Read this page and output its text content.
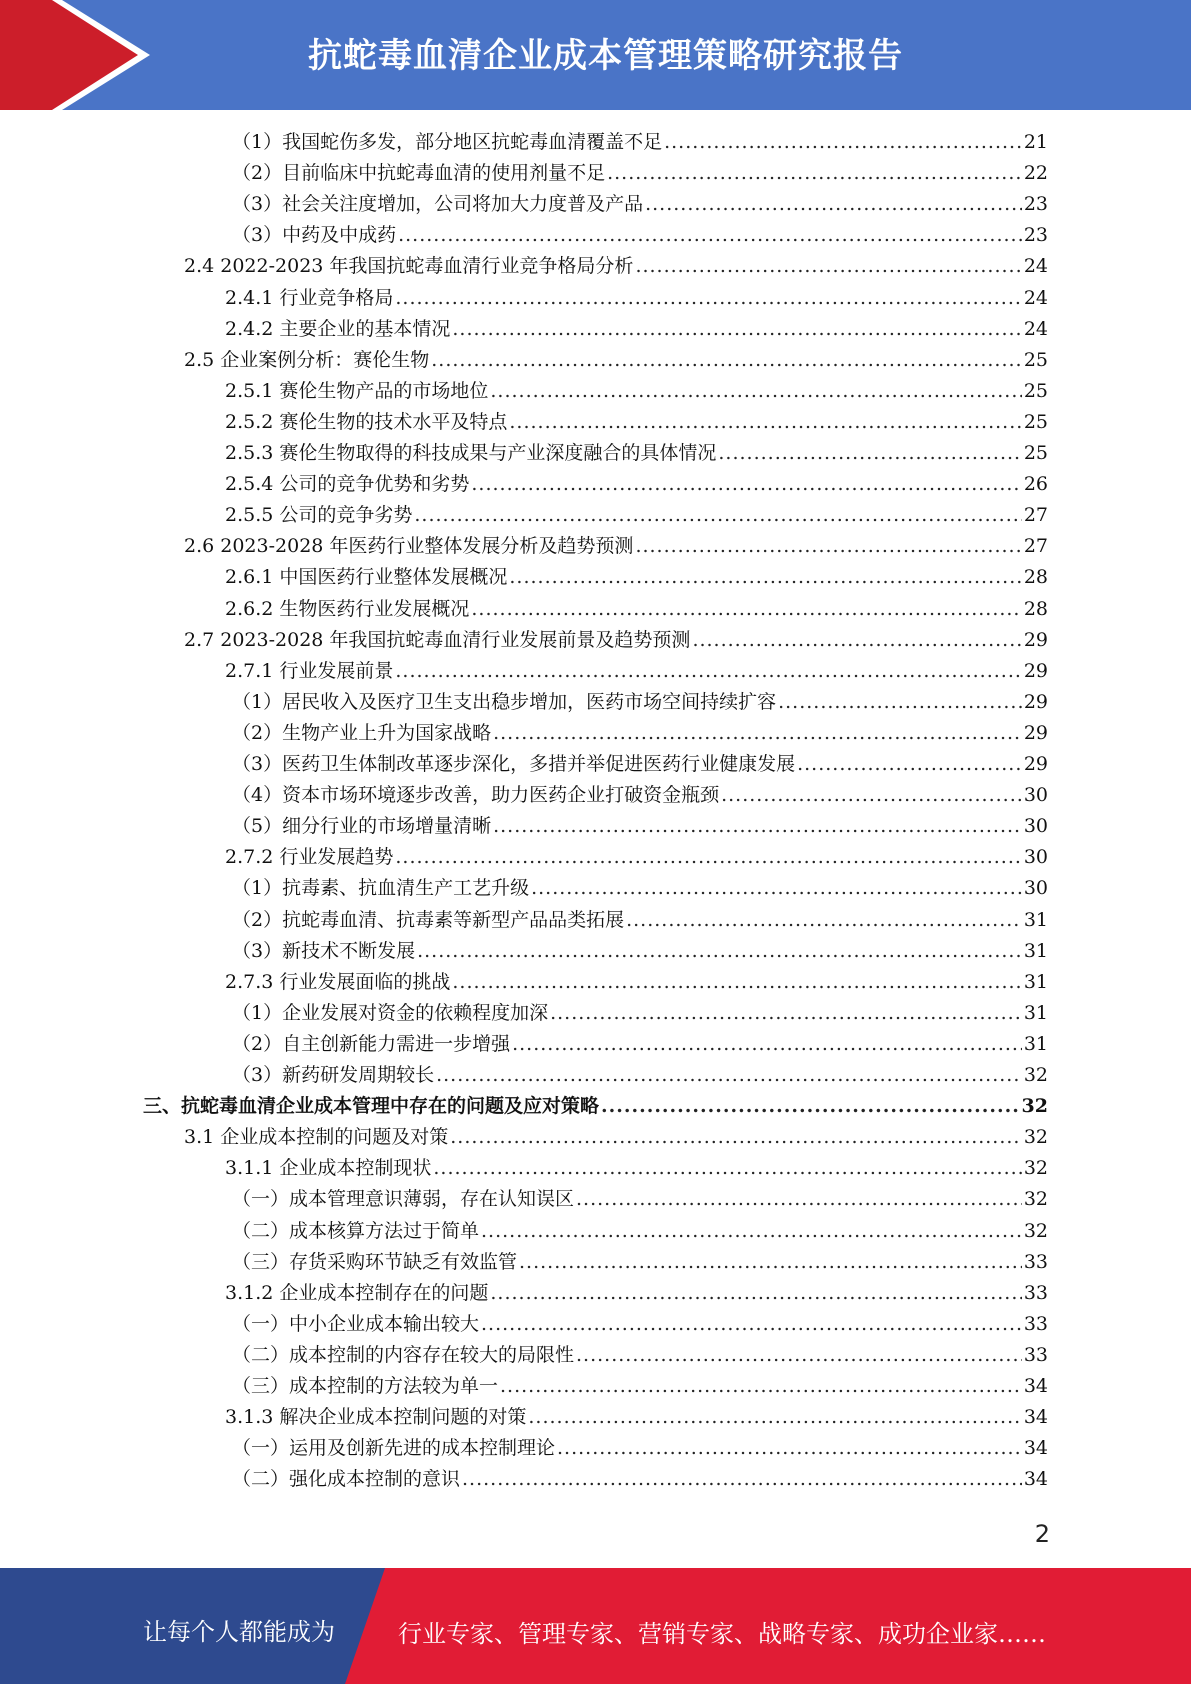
抗蛇毒血清企业成本管理策略研究报告
（1）我国蛇伤多发，部分地区抗蛇毒血清覆盖不足 .....	21
（2）目前临床中抗蛇毒血清的使用剂量不足 .....	22
（3）社会关注度增加，公司将加大力度普及产品 .....	23
（3）中药及中成药 .....	23
2.4 2022-2023 年我国抗蛇毒血清行业竞争格局分析 .....	24
2.4.1 行业竞争格局 .....	24
2.4.2 主要企业的基本情况 .....	24
2.5 企业案例分析：赛伦生物 .....	25
2.5.1 赛伦生物产品的市场地位 .....	25
2.5.2 赛伦生物的技术水平及特点 .....	25
2.5.3 赛伦生物取得的科技成果与产业深度融合的具体情况 .....	25
2.5.4 公司的竞争优势和劣势 .....	26
2.5.5 公司的竞争劣势 .....	27
2.6 2023-2028 年医药行业整体发展分析及趋势预测 .....	27
2.6.1 中国医药行业整体发展概况 .....	28
2.6.2 生物医药行业发展概况 .....	28
2.7 2023-2028 年我国抗蛇毒血清行业发展前景及趋势预测 .....	29
2.7.1 行业发展前景 .....	29
（1）居民收入及医疗卫生支出稳步增加，医药市场空间持续扩容 .....	29
（2）生物产业上升为国家战略 .....	29
（3）医药卫生体制改革逐步深化，多措并举促进医药行业健康发展 .....	29
（4）资本市场环境逐步改善，助力医药企业打破资金瓶颈 .....	30
（5）细分行业的市场增量清晰 .....	30
2.7.2 行业发展趋势 .....	30
（1）抗毒素、抗血清生产工艺升级 .....	30
（2）抗蛇毒血清、抗毒素等新型产品品类拓展 .....	31
（3）新技术不断发展 .....	31
2.7.3 行业发展面临的挑战 .....	31
（1）企业发展对资金的依赖程度加深 .....	31
（2）自主创新能力需进一步增强 .....	31
（3）新药研发周期较长 .....	32
三、抗蛇毒血清企业成本管理中存在的问题及应对策略 .....	32
3.1 企业成本控制的问题及对策 .....	32
3.1.1 企业成本控制现状 .....	32
（一）成本管理意识薄弱，存在认知误区 .....	32
（二）成本核算方法过于简单 .....	32
（三）存货采购环节缺乏有效监管 .....	33
3.1.2 企业成本控制存在的问题 .....	33
（一）中小企业成本输出较大 .....	33
（二）成本控制的内容存在较大的局限性 .....	33
（三）成本控制的方法较为单一 .....	34
3.1.3 解决企业成本控制问题的对策 .....	34
（一）运用及创新先进的成本控制理论 .....	34
（二）强化成本控制的意识 .....	34
2
让每个人都能成为	行业专家、管理专家、营销专家、战略专家、成功企业家……
